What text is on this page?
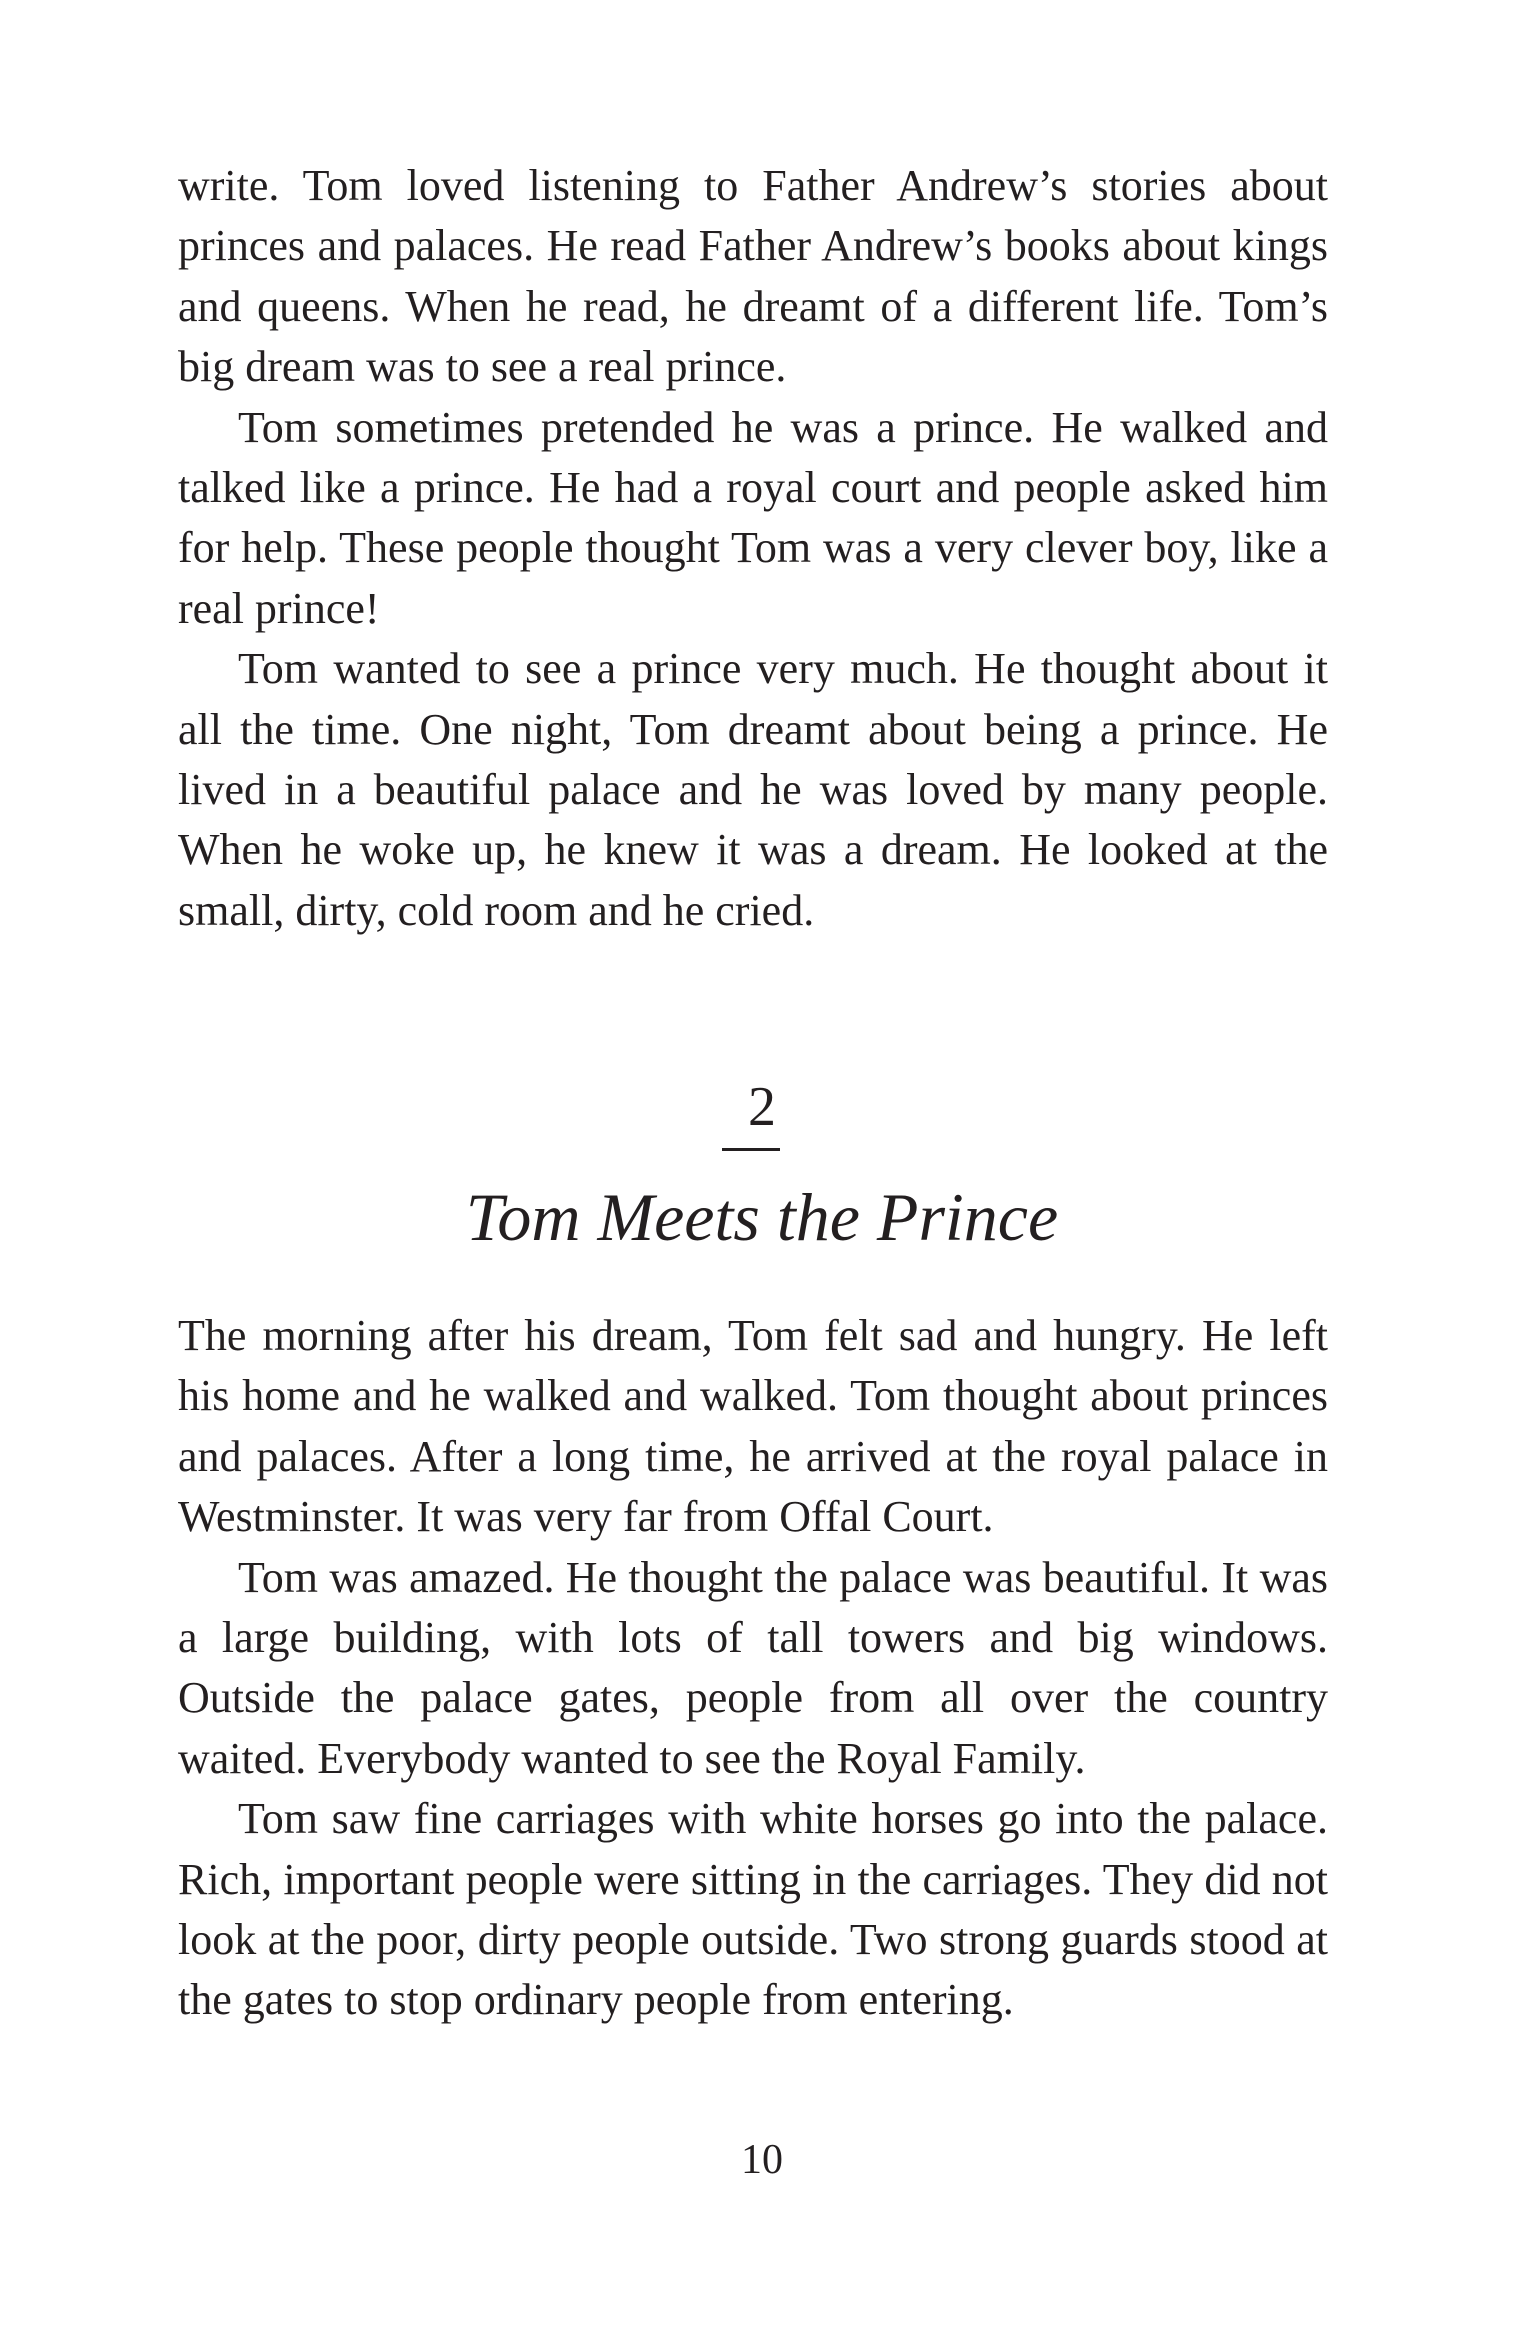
write. Tom loved listening to Father Andrew’s stories about princes and palaces. He read Father Andrew’s books about kings and queens. When he read, he dreamt of a different life. Tom’s big dream was to see a real prince.

Tom sometimes pretended he was a prince. He walked and talked like a prince. He had a royal court and people asked him for help. These people thought Tom was a very clever boy, like a real prince!

Tom wanted to see a prince very much. He thought about it all the time. One night, Tom dreamt about being a prince. He lived in a beautiful palace and he was loved by many people. When he woke up, he knew it was a dream. He looked at the small, dirty, cold room and he cried.

2
Tom Meets the Prince

The morning after his dream, Tom felt sad and hungry. He left his home and he walked and walked. Tom thought about princes and palaces. After a long time, he arrived at the royal palace in Westminster. It was very far from Offal Court.

Tom was amazed. He thought the palace was beautiful. It was a large building, with lots of tall towers and big windows. Outside the palace gates, people from all over the country waited. Everybody wanted to see the Royal Family.

Tom saw fine carriages with white horses go into the palace. Rich, important people were sitting in the carriages. They did not look at the poor, dirty people outside. Two strong guards stood at the gates to stop ordinary people from entering.

10
